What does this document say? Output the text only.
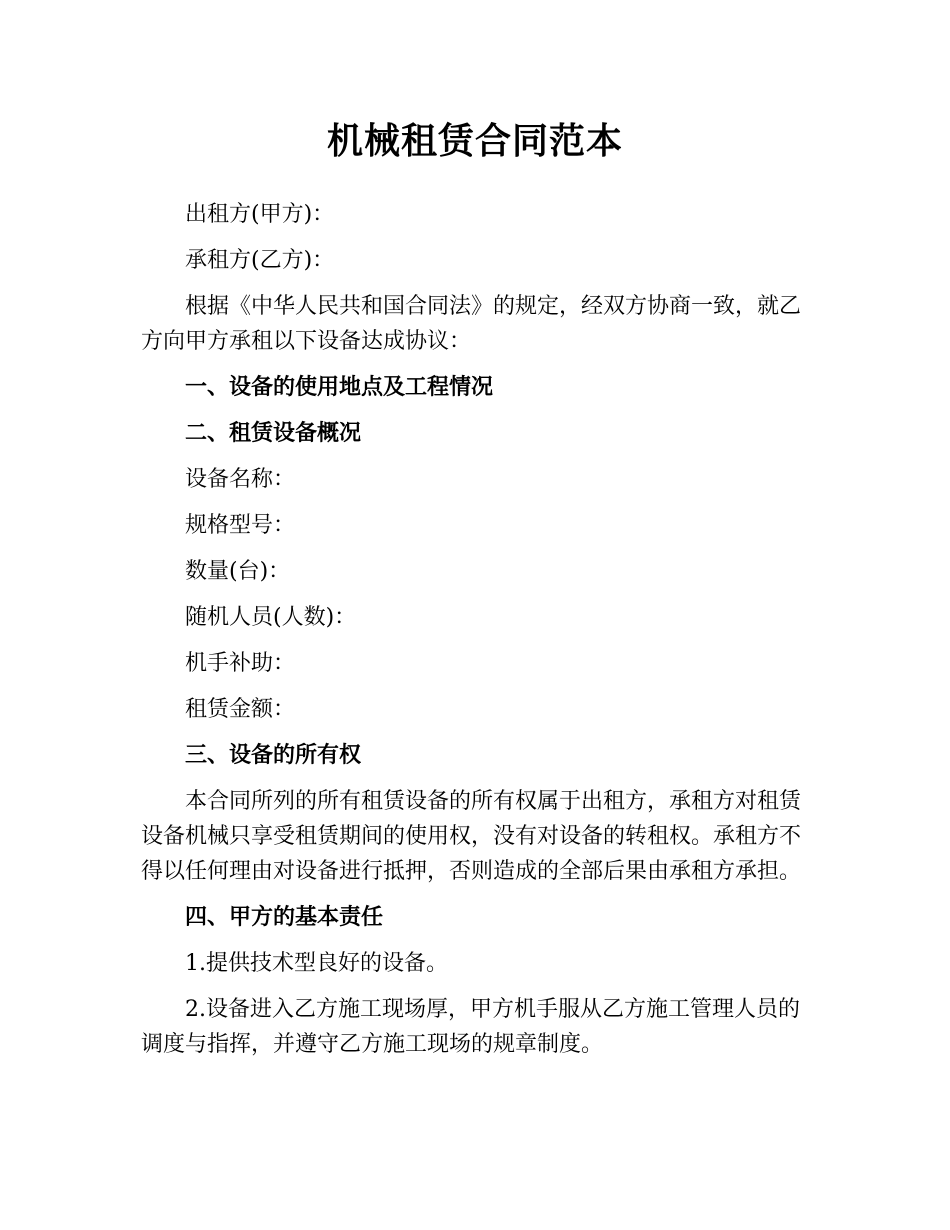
机械租赁合同范本

出租方(甲方)：

承租方(乙方)：

根据《中华人民共和国合同法》的规定，经双方协商一致，就乙方向甲方承租以下设备达成协议：

一、设备的使用地点及工程情况

二、租赁设备概况

设备名称：

规格型号：

数量(台)：

随机人员(人数)：

机手补助：

租赁金额：

三、设备的所有权

本合同所列的所有租赁设备的所有权属于出租方，承租方对租赁设备机械只享受租赁期间的使用权，没有对设备的转租权。承租方不得以任何理由对设备进行抵押，否则造成的全部后果由承租方承担。

四、甲方的基本责任

1.提供技术型良好的设备。

2.设备进入乙方施工现场厚，甲方机手服从乙方施工管理人员的调度与指挥，并遵守乙方施工现场的规章制度。
